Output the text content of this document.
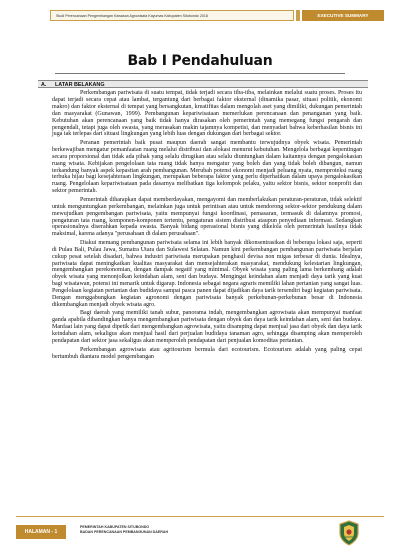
Studi Perencanaan Pengembangan Kawasan Agrowisata Kayumas Kabupaten Situbondo 2018	EXECUTIVE SUMMARY
Bab I Pendahuluan
A. LATAR BELAKANG

Perkembangan pariwisata di suatu tempat, tidak terjadi secara tiba-tiba, melainkan melalui suatu proses. Proses itu dapat terjadi secara cepat atau lambat, tergantung dari berbagai faktor eksternal (dinamika pasar, situasi politik, ekonomi makro) dan faktor eksternal di tempat yang bersangkutan, kreatifitas dalam mengolah aset yang dimiliki, dukungan pemerintah dan masyarakat (Gunawan, 1999). Pembangunan kepariwisataan memerlukan perencanaan dan penanganan yang baik. Kebutuhan akan perencanaan yang baik tidak hanya dirasakan oleh pemerintah yang memegang fungsi pengarah dan pengendali, tetapi juga oleh swasta, yang merasakan makin tajamnya kompetisi, dan menyadari bahwa keberhasilan bisnis ini juga tak terlepas dari situasi lingkungan yang lebih luas dengan dukungan dari berbagai sektor.

Peranan pemerintah baik pusat maupun daerah sangat membantu terwujudnya obyek wisata. Pemerintah berkewajiban mengatur pemanfaatan ruang melalui distribusi dan alokasi menurut kebutuhan. Mengelola berbagai kepentingan secara proporsional dan tidak ada pihak yang selalu dirugikan atau selalu diuntungkan dalam kaitannya dengan pengalokasian ruang wisata. Kebijakan pengelolaan tata ruang tidak hanya mengatur yang boleh dan yang tidak boleh dibangun, namun terkandung banyak aspek kepastian arah pembangunan. Merubah potensi ekonomi menjadi peluang nyata, memproteksi ruang terbuka hijau bagi kesejahteraan lingkungan, merupakan beberapa faktor yang perlu diperhatikan dalam upaya pengalokasikan ruang. Pengelolaan kepariwisataan pada dasarnya melibatkan tiga kelompok pelaku, yaitu sektor bisnis, sektor nonprofit dan sektor pemerintah.

Pemerintah diharapkan dapat memberdayakan, mengayomi dan memberlakukan peraturan-peraturan, tidak selektif untuk menguntungkan perkembangan, melainkan juga untuk perintisan atau untuk mendorong sektor-sektor pendukung dalam mewujudkan pengembangan pariwisata, yaitu mempunyai fungsi koordinasi, pemasaran, termasuk di dalamnya promosi, pengaturan tata ruang, komponen-komponen tertentu, pengaturan sistem distribusi ataupun penyediaan informasi. Sedangkan operasionalnya diserahkan kepada swasta. Banyak bidang operasional bisnis yang dikelola oleh pemerintah hasilnya tidak maksimal, karena adanya "perusahaan di dalam perusahaan".

Diakui memang pembangunan pariwisata selama ini lebih banyak dikonsentrasikan di beberapa lokasi saja, seperti di Pulau Bali, Pulau Jawa, Sumatra Utara dan Sulawesi Selatan. Namun kini perkembangan pembangunan pariwisata berjalan cukup pesat setelah disadari, bahwa industri pariwisata merupakan penghasil devisa non migas terbesar di dunia. Idealnya, pariwisata dapat meningkatkan kualitas masyarakat dan mensejahterakan masyarakat, mendukung kelestarian lingkungan, mengembangkan perekonomian, dengan dampak negatif yang minimal. Obyek wisata yang paling lama berkembang adalah obyek wisata yang menonjolkan keindahan alam, seni dan budaya. Mengingat keindahan alam menjadi daya tarik yang kuat bagi wisatawan, potensi ini menarik untuk digarap. Indonesia sebagai negara agraris memiliki lahan pertanian yang sangat luas. Pengelolaan kegiatan pertanian dan budidaya sampai pasca panen dapat dijadikan daya tarik tersendiri bagi kegiatan pariwisata. Dengan menggabungkan kegiatan agronomi dengan pariwisata banyak perkebunan-perkebunan besar di Indonesia dikembangkan menjadi obyek wisata agro.

Bagi daerah yang memiliki tanah subur, panorama indah, mengembangkan agrowisata akan mempunyai manfaat ganda apabila dibandingkan hanya mengembangkan pariwisata dengan obyek dan daya tarik keindahan alam, seni dan budaya. Manfaat lain yang dapat dipetik dari mengembangkan agrowisata, yaitu disamping dapat menjual jasa dari obyek dan daya tarik keindahan alam, sekaligus akan menjual hasil dari perjualan budidaya tanaman agro, sehingga disamping akan memperoleh pendapatan dari sektor jasa sekaligus akan memperoleh pendapatan dari penjualan komoditas pertanian.

Perkembangan agrowisata atau agritourism bermula dari ecotourism. Ecotourism adalah yang paling cepat bertumbuh diantara model pengembangan

HALAMAN - 1
PEMERINTAH KABUPATEN SITUBONDO
BADAN PERENCANAAN PEMBANGUNAN DAERAH
